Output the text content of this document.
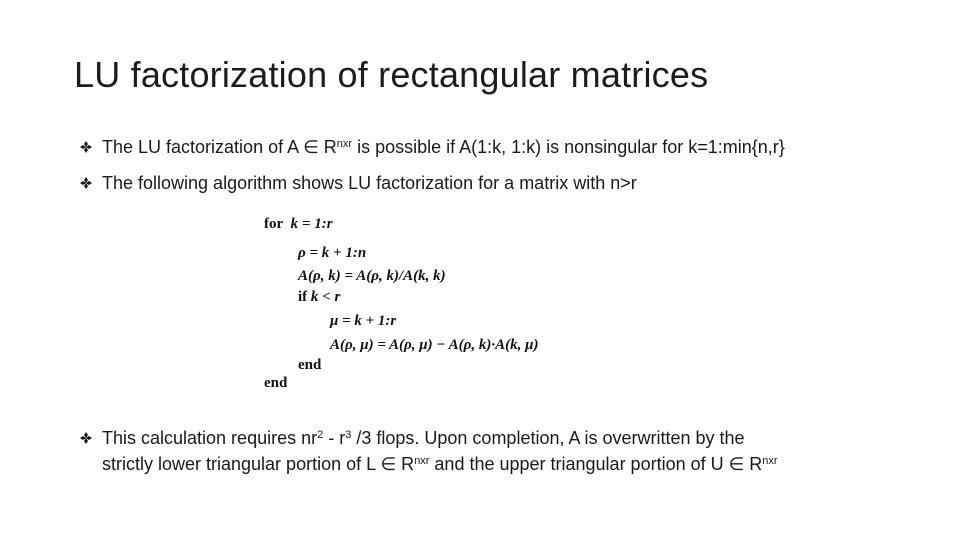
LU factorization of rectangular matrices
The LU factorization of A ∈ $R^{nxr}$ is possible if A(1:k, 1:k) is nonsingular for k=1:min{n,r}
The following algorithm shows LU factorization for a matrix with n>r
for k = 1:r
ρ = k + 1:n
A(ρ, k) = A(ρ, k)/A(k, k)
if k < r
μ = k + 1:r
A(ρ, μ) = A(ρ, μ) − A(ρ, k)·A(k, μ)
end
end
This calculation requires $nr^2 - r^3$ /3 flops. Upon completion, A is overwritten by the
strictly lower triangular portion of L ∈ $R^{nxr}$ and the upper triangular portion of U ∈ $R^{nxr}$
